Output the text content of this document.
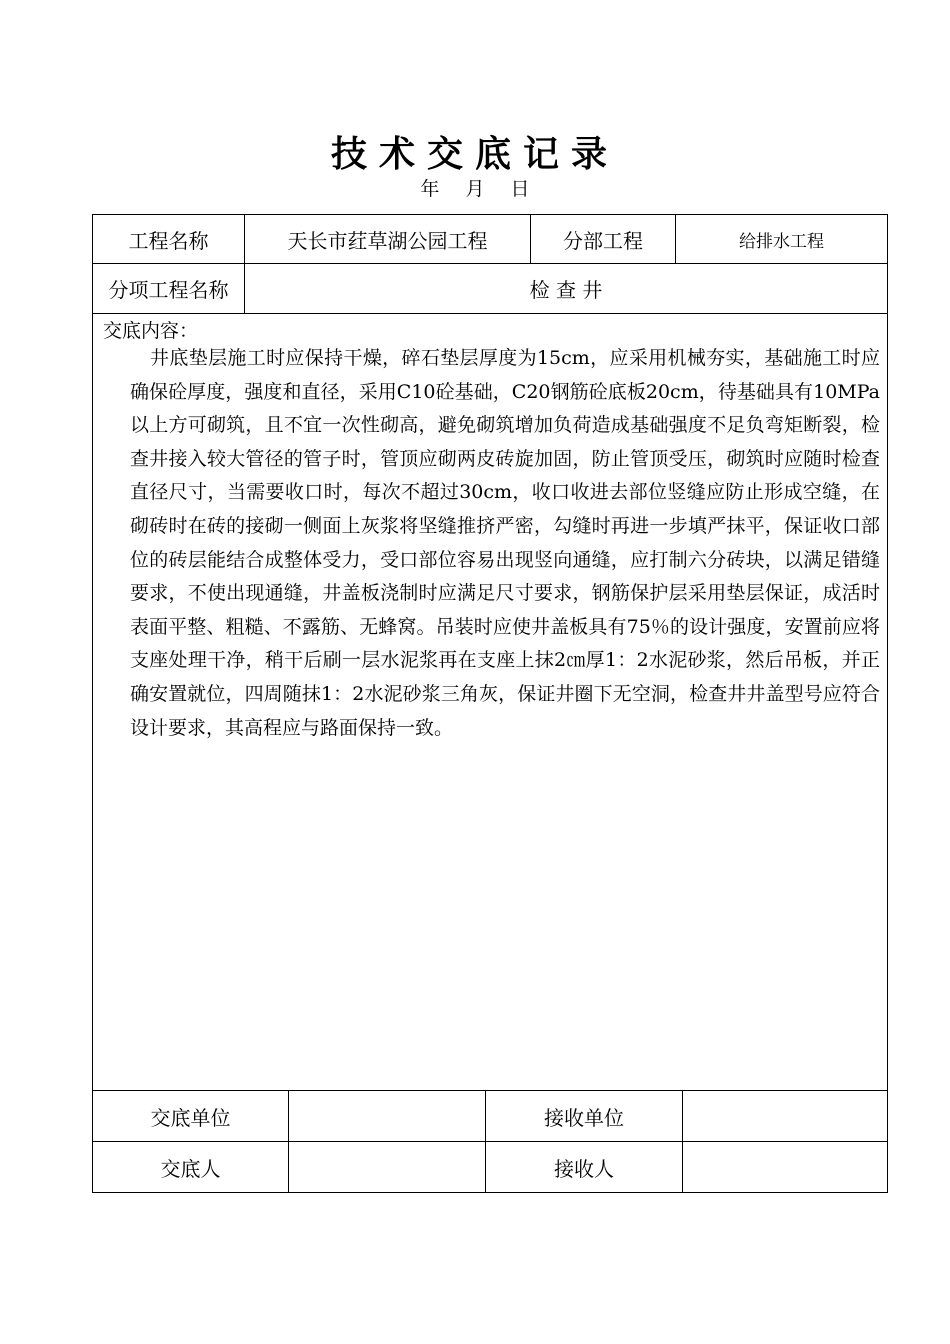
技术交底记录
年 月 日
工程名称	天长市荭草湖公园工程	分部工程	给排水工程
分项工程名称	检 查 井
交底内容：

井底垫层施工时应保持干燥，碎石垫层厚度为15cm，应采用机械夯实，基础施工时应确保砼厚度，强度和直径，采用C10砼基础，C20钢筋砼底板20cm，待基础具有10MPa以上方可砌筑，且不宜一次性砌高，避免砌筑增加负荷造成基础强度不足负弯矩断裂，检查井接入较大管径的管子时，管顶应砌两皮砖旋加固，防止管顶受压，砌筑时应随时检查直径尺寸，当需要收口时，每次不超过30cm，收口收进去部位竖缝应防止形成空缝，在砌砖时在砖的接砌一侧面上灰浆将坚缝推挤严密，勾缝时再进一步填严抹平，保证收口部位的砖层能结合成整体受力，受口部位容易出现竖向通缝，应打制六分砖块，以满足错缝要求，不使出现通缝，井盖板浇制时应满足尺寸要求，钢筋保护层采用垫层保证，成活时表面平整、粗糙、不露筋、无蜂窝。吊装时应使井盖板具有75％的设计强度，安置前应将支座处理干净，稍干后刷一层水泥浆再在支座上抹2㎝厚1：2水泥砂浆，然后吊板，并正确安置就位，四周随抹1：2水泥砂浆三角灰，保证井圈下无空洞，检查井井盖型号应符合设计要求，其高程应与路面保持一致。

交底单位	接收单位
交底人	接收人
